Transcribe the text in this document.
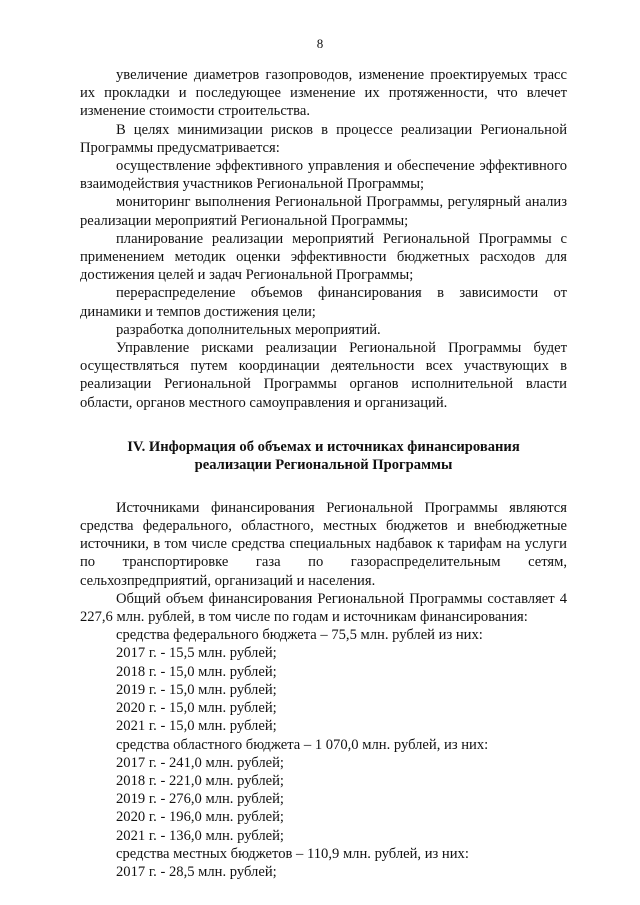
8

увеличение диаметров газопроводов, изменение проектируемых трасс их прокладки и последующее изменение их протяженности, что влечет изменение стоимости строительства.

В целях минимизации рисков в процессе реализации Региональной Программы предусматривается:

осуществление эффективного управления и обеспечение эффективного взаимодействия участников Региональной Программы;

мониторинг выполнения Региональной Программы, регулярный анализ реализации мероприятий Региональной Программы;

планирование реализации мероприятий Региональной Программы с применением методик оценки эффективности бюджетных расходов для достижения целей и задач Региональной Программы;

перераспределение объемов финансирования в зависимости от динамики и темпов достижения цели;

разработка дополнительных мероприятий.

Управление рисками реализации Региональной Программы будет осуществляться путем координации деятельности всех участвующих в реализации Региональной Программы органов исполнительной власти области, органов местного самоуправления и организаций.

IV. Информация об объемах и источниках финансирования
реализации Региональной Программы

Источниками финансирования Региональной Программы являются средства федерального, областного, местных бюджетов и внебюджетные источники, в том числе средства специальных надбавок к тарифам на услуги по транспортировке газа по газораспределительным сетям, сельхозпредприятий, организаций и населения.

Общий объем финансирования Региональной Программы составляет 4 227,6 млн. рублей, в том числе по годам и источникам финансирования:

средства федерального бюджета – 75,5 млн. рублей из них:

2017 г. - 15,5 млн. рублей;

2018 г. - 15,0 млн. рублей;

2019 г. - 15,0 млн. рублей;

2020 г. - 15,0 млн. рублей;

2021 г. - 15,0 млн. рублей;

средства областного бюджета – 1 070,0 млн. рублей, из них:

2017 г. - 241,0 млн. рублей;

2018 г. - 221,0 млн. рублей;

2019 г. - 276,0 млн. рублей;

2020 г. - 196,0 млн. рублей;

2021 г. - 136,0 млн. рублей;

средства местных бюджетов – 110,9 млн. рублей, из них:

2017 г. - 28,5 млн. рублей;
